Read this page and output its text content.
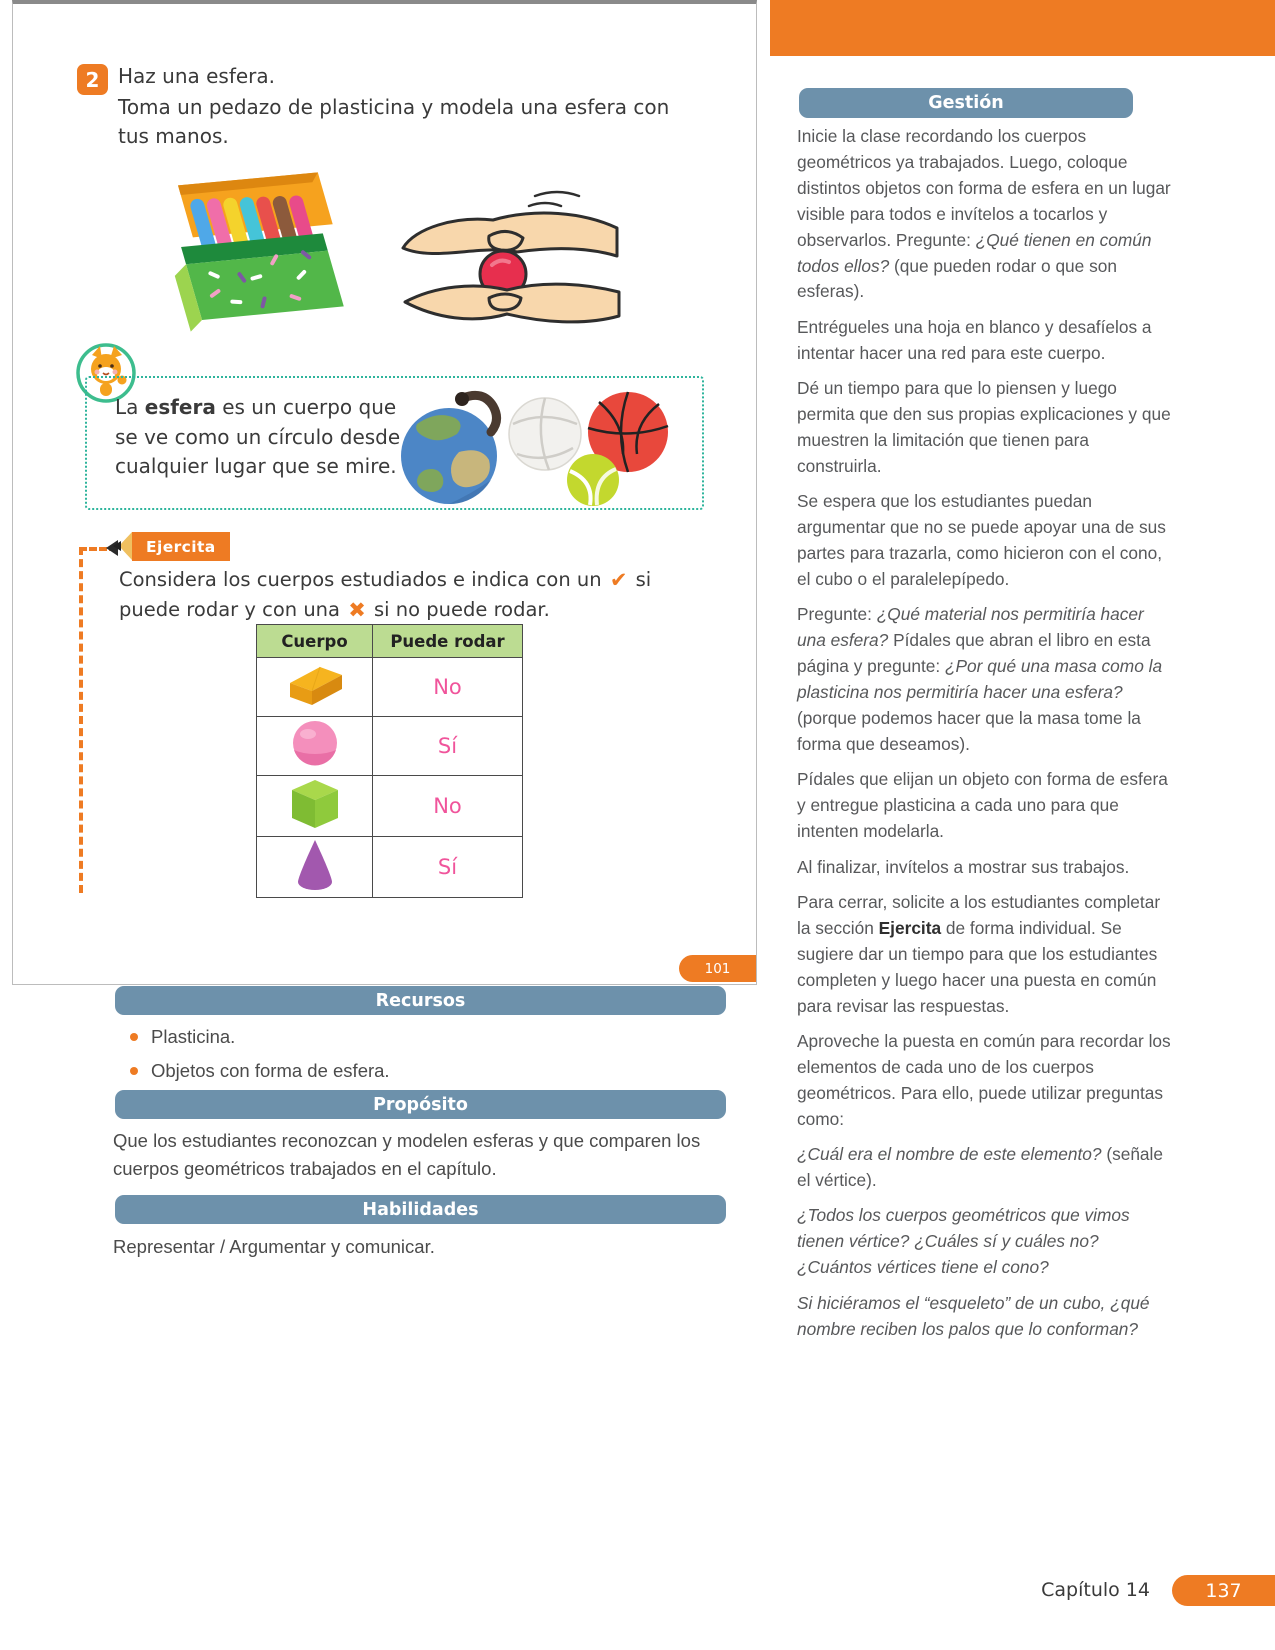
2 Haz una esfera.
Toma un pedazo de plasticina y modela una esfera con tus manos.
La esfera es un cuerpo que se ve como un círculo desde cualquier lugar que se mire.
Ejercita
Considera los cuerpos estudiados e indica con un ✔ si puede rodar y con una ✖ si no puede rodar.
Cuerpo	Puede rodar
	No
	Sí
	No
	Sí
101
Gestión

Inicie la clase recordando los cuerpos geométricos ya trabajados. Luego, coloque distintos objetos con forma de esfera en un lugar visible para todos e invítelos a tocarlos y observarlos. Pregunte: ¿Qué tienen en común todos ellos? (que pueden rodar o que son esferas).

Entrégueles una hoja en blanco y desafíelos a intentar hacer una red para este cuerpo.

Dé un tiempo para que lo piensen y luego permita que den sus propias explicaciones y que muestren la limitación que tienen para construirla.

Se espera que los estudiantes puedan argumentar que no se puede apoyar una de sus partes para trazarla, como hicieron con el cono, el cubo o el paralelepípedo.

Pregunte: ¿Qué material nos permitiría hacer una esfera? Pídales que abran el libro en esta página y pregunte: ¿Por qué una masa como la plasticina nos permitiría hacer una esfera? (porque podemos hacer que la masa tome la forma que deseamos).

Pídales que elijan un objeto con forma de esfera y entregue plasticina a cada uno para que intenten modelarla.

Al finalizar, invítelos a mostrar sus trabajos.

Para cerrar, solicite a los estudiantes completar la sección Ejercita de forma individual. Se sugiere dar un tiempo para que los estudiantes completen y luego hacer una puesta en común para revisar las respuestas.

Aproveche la puesta en común para recordar los elementos de cada uno de los cuerpos geométricos. Para ello, puede utilizar preguntas como:

¿Cuál era el nombre de este elemento? (señale el vértice).

¿Todos los cuerpos geométricos que vimos tienen vértice? ¿Cuáles sí y cuáles no? ¿Cuántos vértices tiene el cono?

Si hiciéramos el “esqueleto” de un cubo, ¿qué nombre reciben los palos que lo conforman?

Recursos
Plasticina.
Objetos con forma de esfera.
Propósito
Que los estudiantes reconozcan y modelen esferas y que comparen los cuerpos geométricos trabajados en el capítulo.
Habilidades
Representar / Argumentar y comunicar.
Capítulo 14	137
